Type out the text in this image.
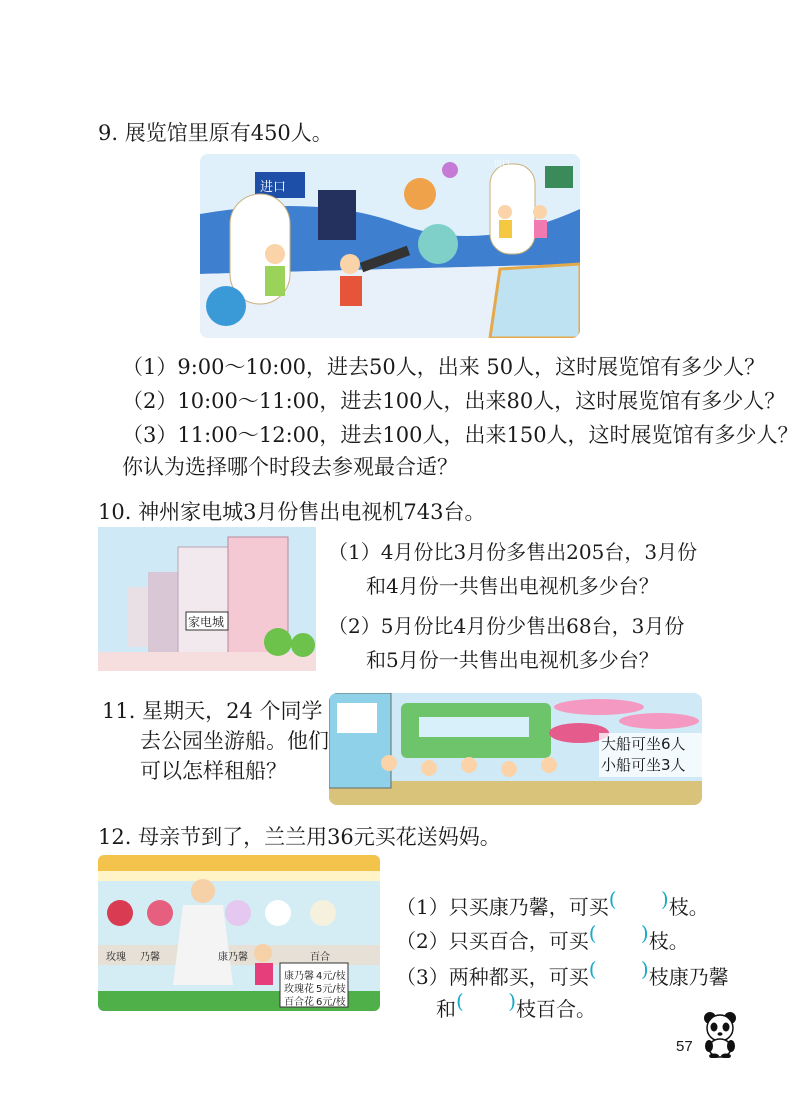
9. 展览馆里原有450人。
进口
出口
（1）9:00～10:00，进去50人，出来 50人，这时展览馆有多少人？
（2）10:00～11:00，进去100人，出来80人，这时展览馆有多少人？
（3）11:00～12:00，进去100人，出来150人，这时展览馆有多少人？
你认为选择哪个时段去参观最合适？
10. 神州家电城3月份售出电视机743台。
家电城
（1）4月份比3月份多售出205台，3月份
和4月份一共售出电视机多少台？
（2）5月份比4月份少售出68台，3月份
和5月份一共售出电视机多少台？
11. 星期天，24 个同学
去公园坐游船。他们
可以怎样租船？
大船可坐6人
小船可坐3人
12. 母亲节到了，兰兰用36元买花送妈妈。
玫瑰 乃馨	康乃馨	百合
康乃馨 4元/枝
玫瑰花 5元/枝
百合花 6元/枝
（1）只买康乃馨，可买 ( ) 枝。
（2）只买百合，可买 ( ) 枝。
（3）两种都买，可买 ( ) 枝康乃馨
和 ( ) 枝百合。
57
